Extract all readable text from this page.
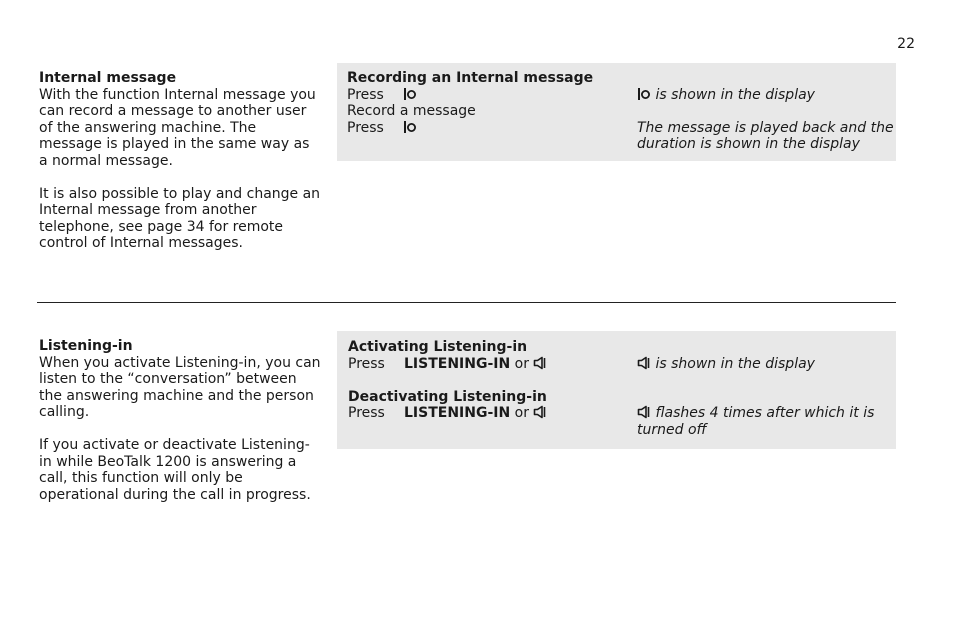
22
Internal message

With the function Internal message you can record a message to another user of the answering machine. The message is played in the same way as a normal message.

It is also possible to play and change an Internal message from another telephone, see page 34 for remote control of Internal messages.

Recording an Internal message
Press	is shown in the display
Record a message
Press	The message is played back and the duration is shown in the display
Listening-in

When you activate Listening-in, you can listen to the “conversation” between the answering machine and the person calling.

If you activate or deactivate Listening-in while BeoTalk 1200 is answering a call, this function will only be operational during the call in progress.

Activating Listening-in
Press LISTENING-IN or	is shown in the display
Deactivating Listening-in
Press LISTENING-IN or	flashes 4 times after which it is turned off
